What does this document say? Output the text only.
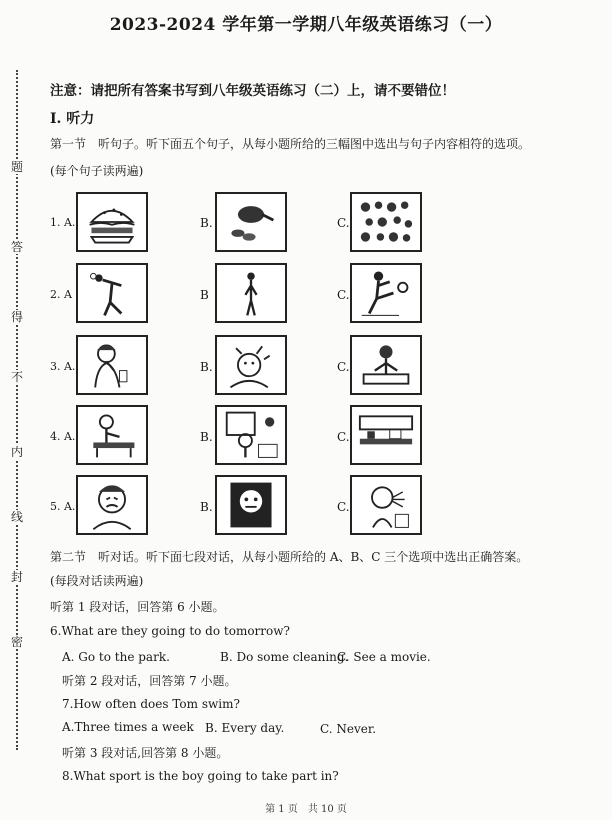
2023-2024 学年第一学期八年级英语练习（一）
题
答
得
不
内
线
封
密
注意：请把所有答案书写到八年级英语练习（二）上，请不要错位！
Ⅰ. 听力
第一节　听句子。听下面五个句子，从每小题所给的三幅图中选出与句子内容相符的选项。
(每个句子读两遍)
1. A.	B.	C.
2. A	B	C.
3. A.	B.	C.
4. A.	B.	C.
5. A.	B.	C.
第二节　听对话。听下面七段对话，从每小题所给的 A、B、C 三个选项中选出正确答案。
(每段对话读两遍)
听第 1 段对话，回答第 6 小题。
6.What are they going to do tomorrow?
A. Go to the park.	B. Do some cleaning.
C. See a movie.
听第 2 段对话，回答第 7 小题。
7.How often does Tom swim?
A.Three times a week B. Every day.	C. Never.
听第 3 段对话,回答第 8 小题。
8.What sport is the boy going to take part in?
第 1 页　共 10 页
